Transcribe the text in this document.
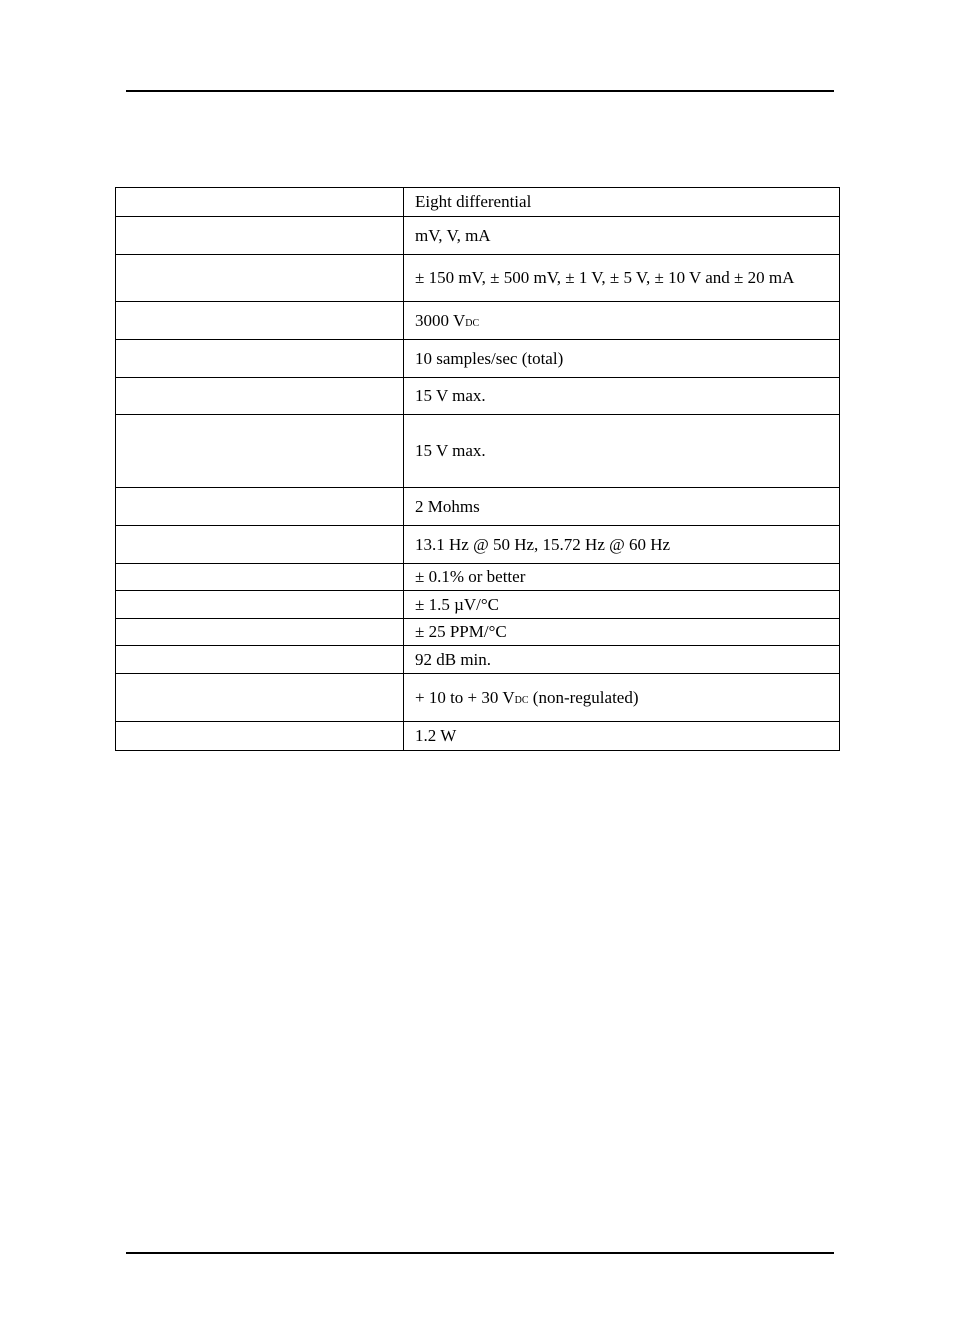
	Eight differential
	mV, V, mA
	± 150 mV, ± 500 mV, ± 1 V, ± 5 V, ± 10 V and ± 20 mA
	3000 VDC
	10 samples/sec (total)
	15 V max.
	15 V max.
	2 Mohms
	13.1 Hz @ 50 Hz, 15.72 Hz @ 60 Hz
	± 0.1% or better
	± 1.5 µV/°C
	± 25 PPM/°C
	92 dB min.
	+ 10 to + 30 VDC (non-regulated)
	1.2 W
